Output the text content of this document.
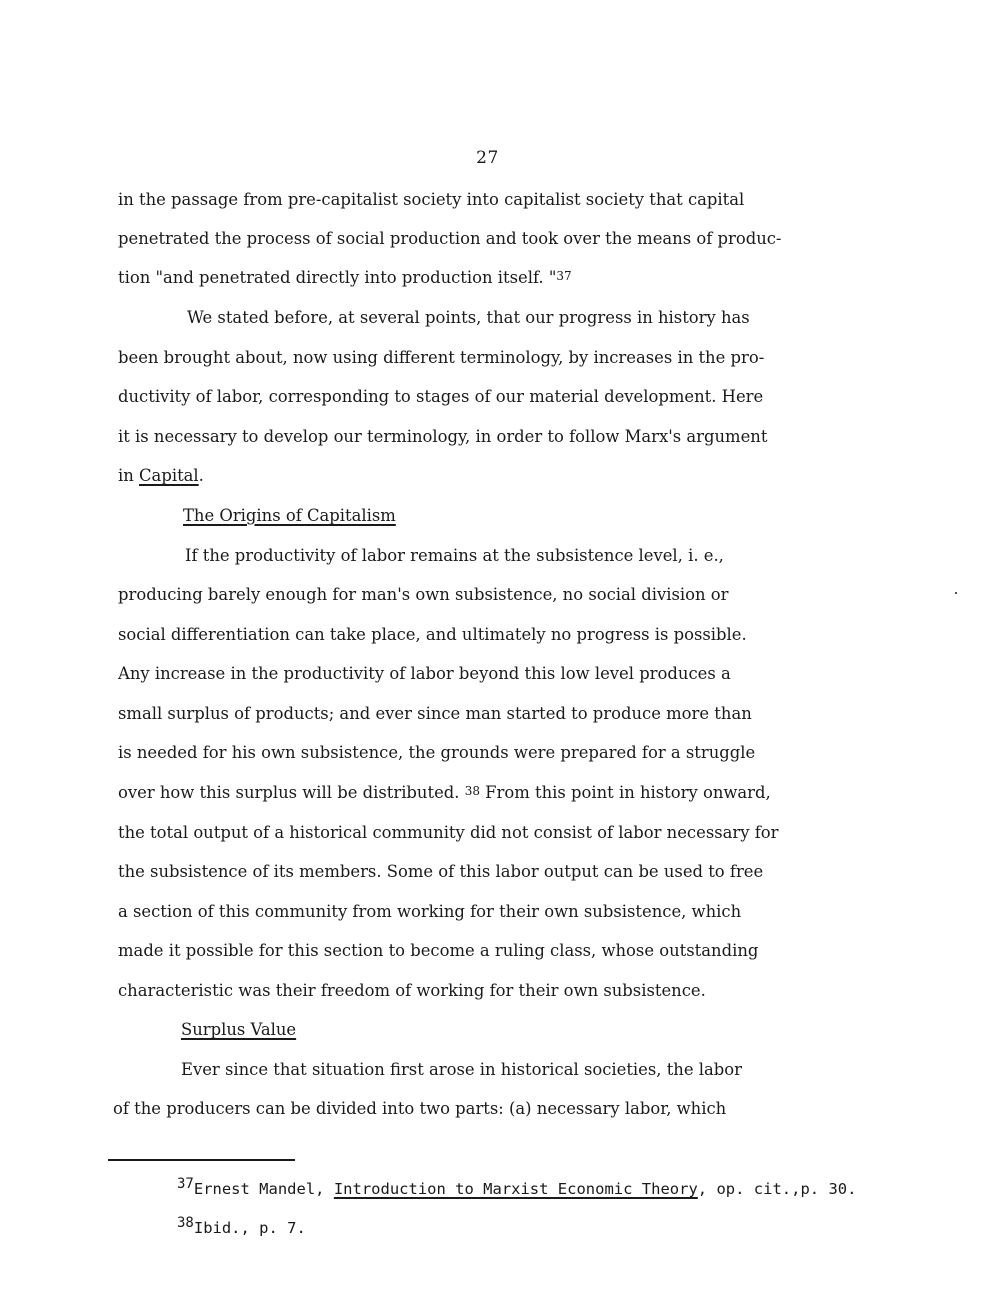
27
in the passage from pre-capitalist society into capitalist society that capital
penetrated the process of social production and took over the means of produc-
tion "and penetrated directly into production itself. "$^{37}$
We stated before, at several points, that our progress in history has
been brought about, now using different terminology, by increases in the pro-
ductivity of labor, corresponding to stages of our material development. Here
it is necessary to develop our terminology, in order to follow Marx's argument
in Capital.
The Origins of Capitalism
If the productivity of labor remains at the subsistence level, i. e.,
producing barely enough for man's own subsistence, no social division or
social differentiation can take place, and ultimately no progress is possible.
Any increase in the productivity of labor beyond this low level produces a
small surplus of products; and ever since man started to produce more than
is needed for his own subsistence, the grounds were prepared for a struggle
over how this surplus will be distributed. $^{38}$ From this point in history onward,
the total output of a historical community did not consist of labor necessary for
the subsistence of its members. Some of this labor output can be used to free
a section of this community from working for their own subsistence, which
made it possible for this section to become a ruling class, whose outstanding
characteristic was their freedom of working for their own subsistence.
Surplus Value
Ever since that situation first arose in historical societies, the labor
of the producers can be divided into two parts: (a) necessary labor, which
$^{37}$Ernest Mandel, Introduction to Marxist Economic Theory, op. cit.,p. 30.
$^{38}$Ibid., p. 7.
